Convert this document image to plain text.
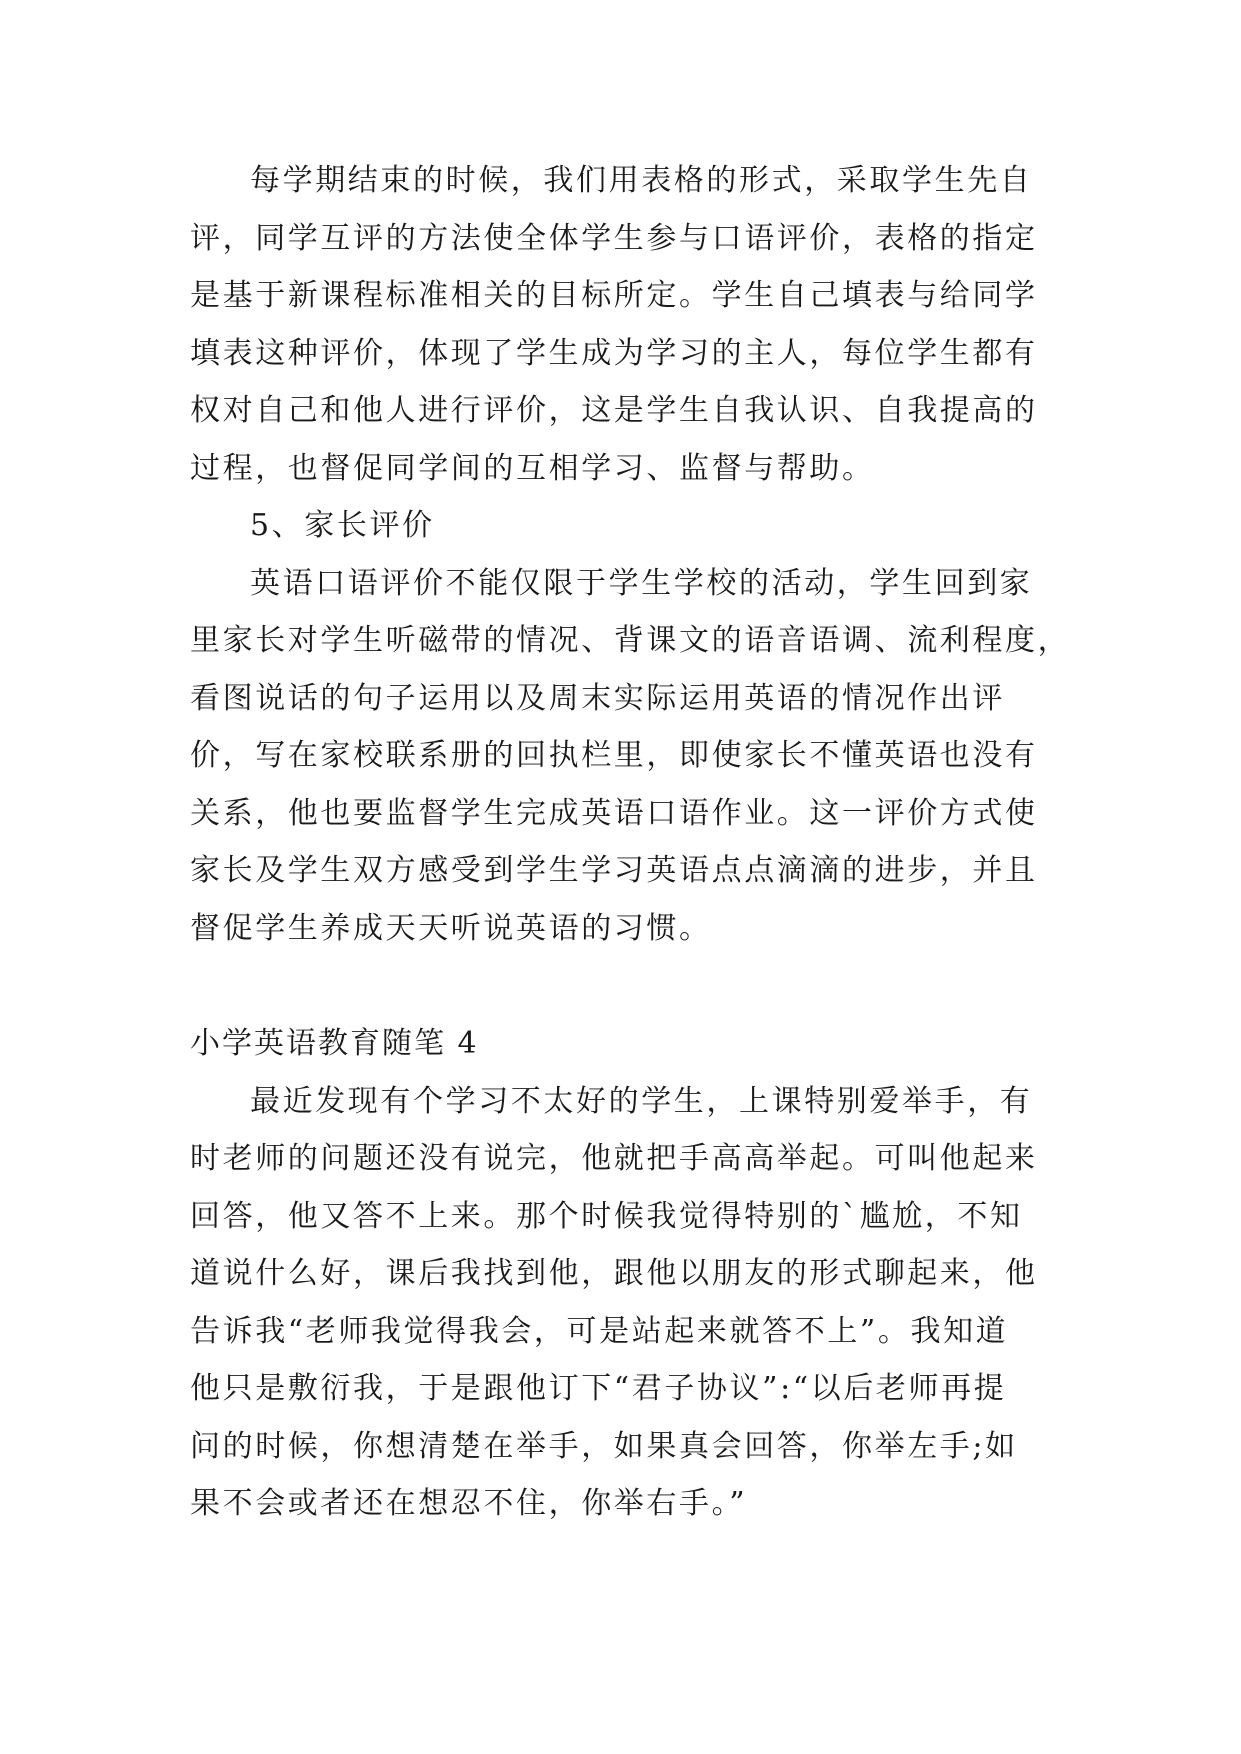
每学期结束的时候，我们用表格的形式，采取学生先自
评，同学互评的方法使全体学生参与口语评价，表格的指定
是基于新课程标准相关的目标所定。学生自己填表与给同学
填表这种评价，体现了学生成为学习的主人，每位学生都有
权对自己和他人进行评价，这是学生自我认识、自我提高的
过程，也督促同学间的互相学习、监督与帮助。
5、家长评价
英语口语评价不能仅限于学生学校的活动，学生回到家
里家长对学生听磁带的情况、背课文的语音语调、流利程度，
看图说话的句子运用以及周末实际运用英语的情况作出评
价，写在家校联系册的回执栏里，即使家长不懂英语也没有
关系，他也要监督学生完成英语口语作业。这一评价方式使
家长及学生双方感受到学生学习英语点点滴滴的进步，并且
督促学生养成天天听说英语的习惯。
小学英语教育随笔 4
最近发现有个学习不太好的学生，上课特别爱举手，有
时老师的问题还没有说完，他就把手高高举起。可叫他起来
回答，他又答不上来。那个时候我觉得特别的`尴尬，不知
道说什么好，课后我找到他，跟他以朋友的形式聊起来，他
告诉我“老师我觉得我会，可是站起来就答不上”。我知道
他只是敷衍我，于是跟他订下“君子协议”:“以后老师再提
问的时候，你想清楚在举手，如果真会回答，你举左手;如
果不会或者还在想忍不住，你举右手。”
